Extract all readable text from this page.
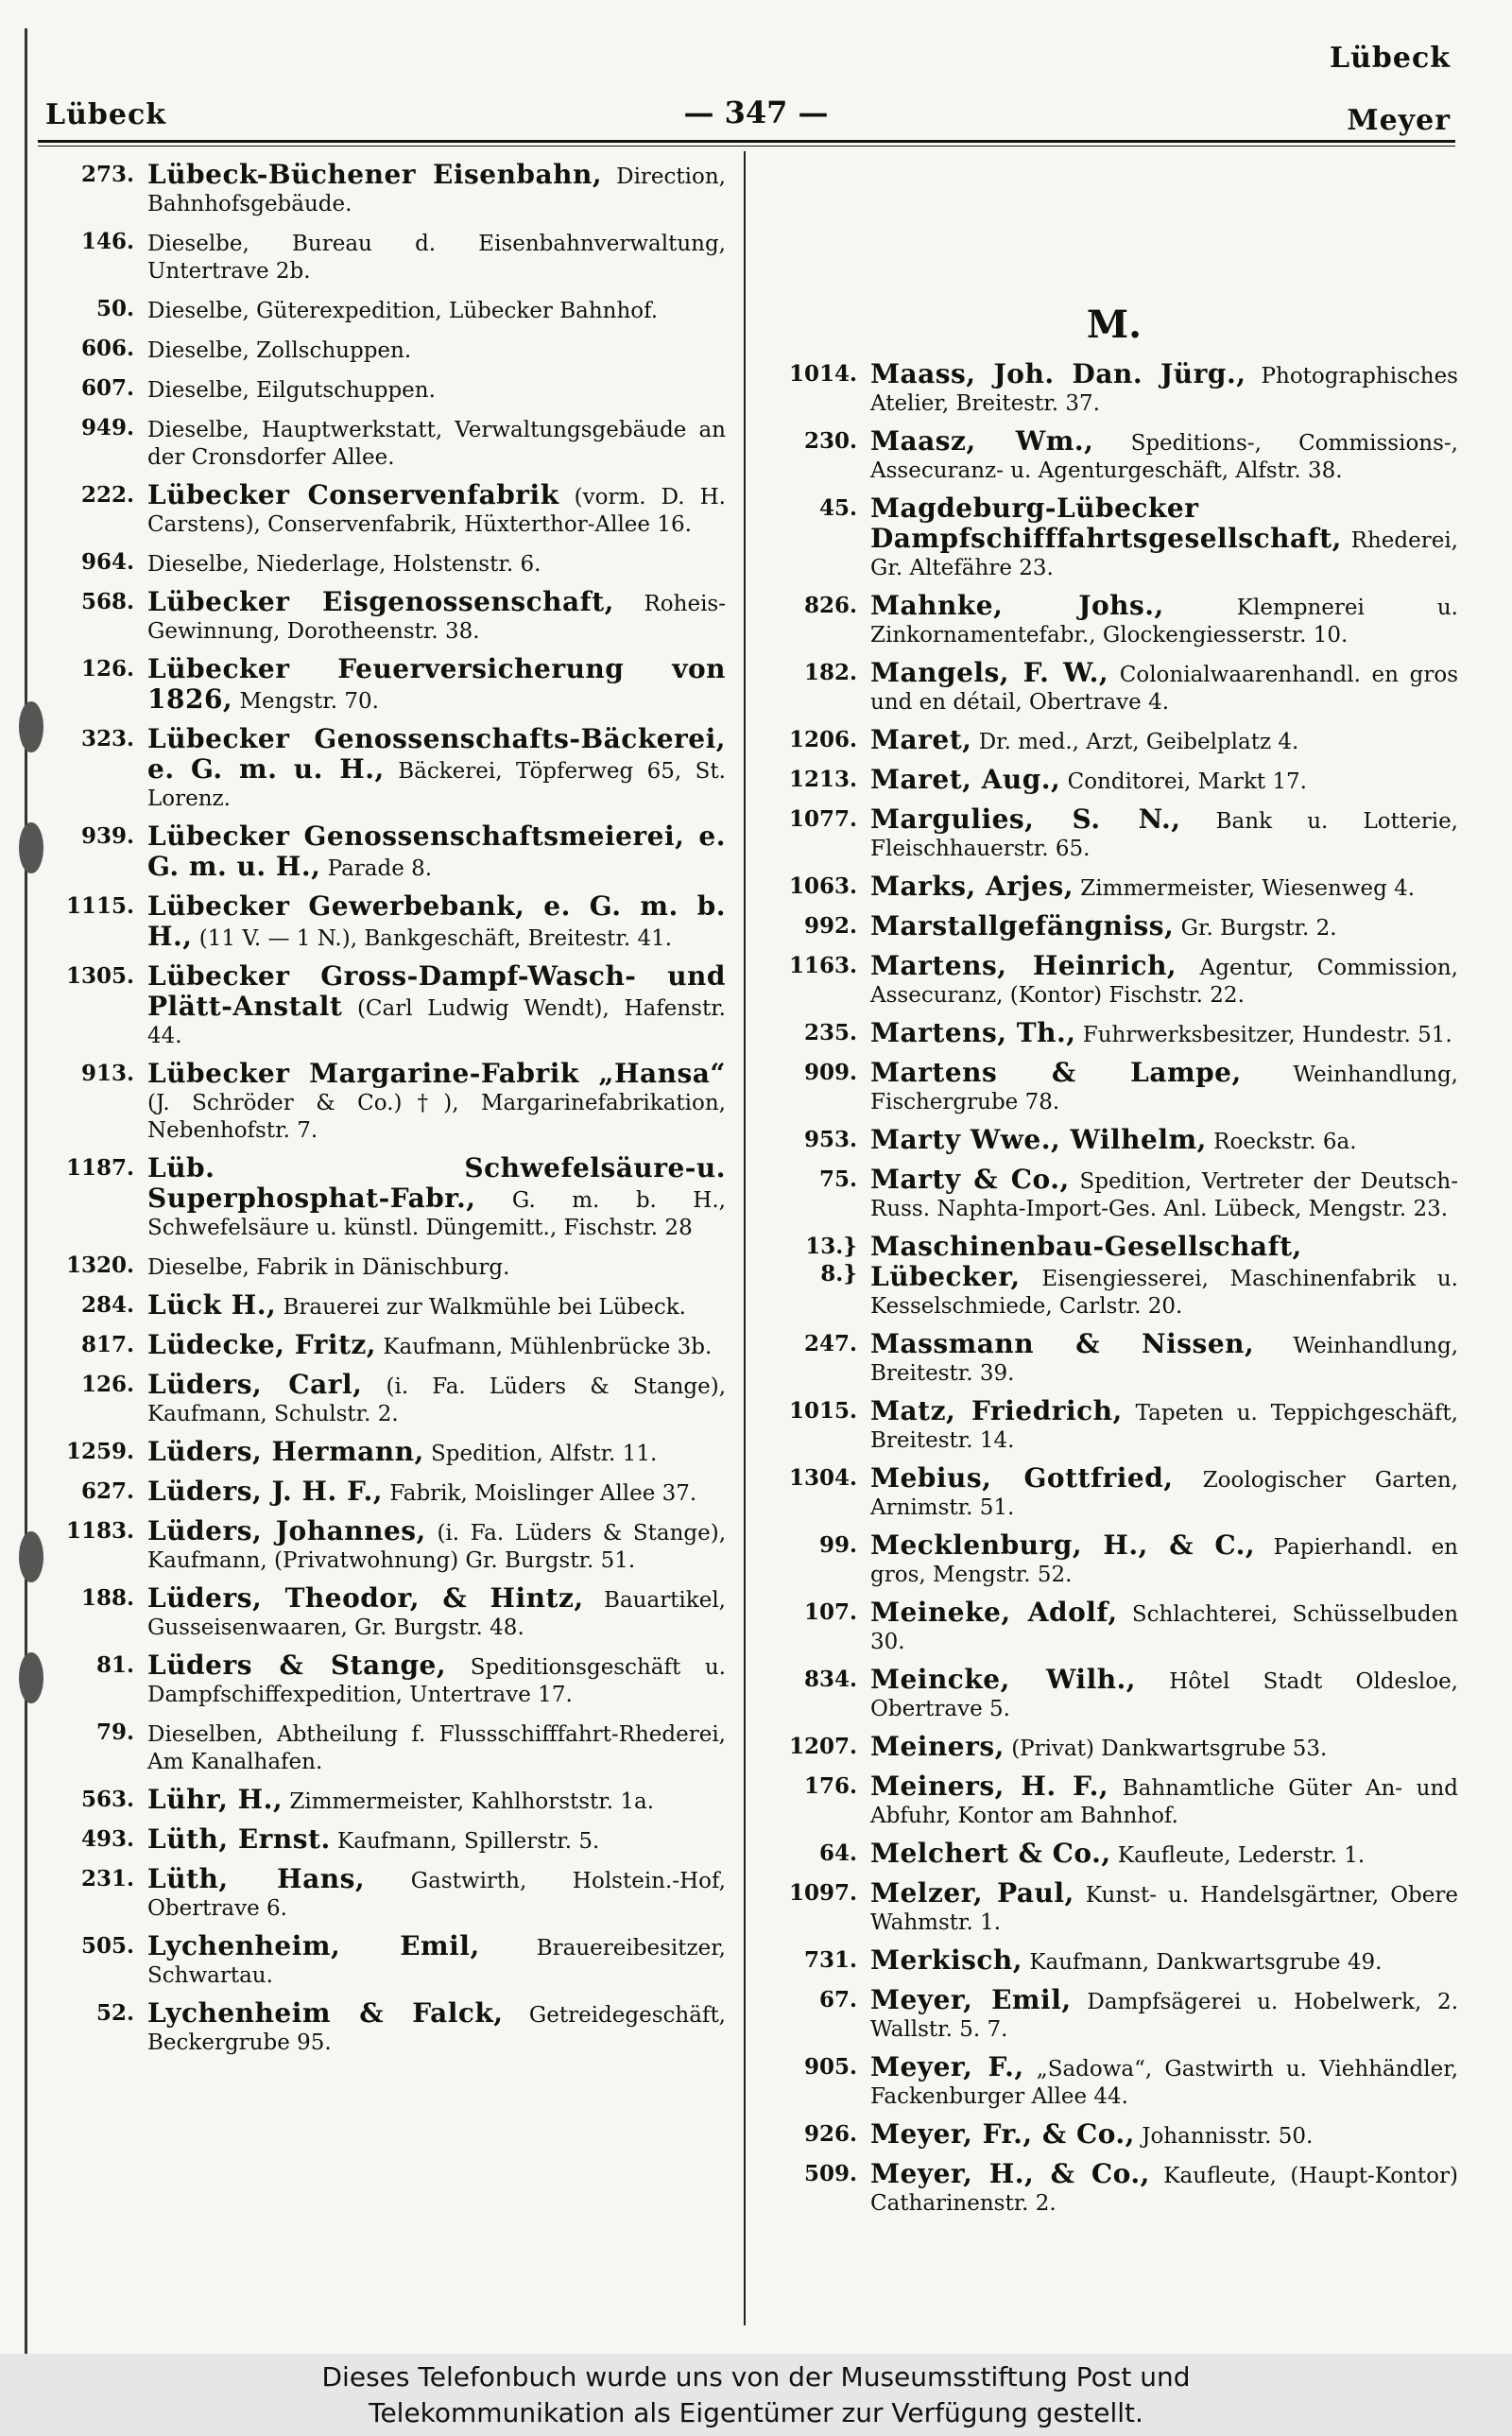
Lübeck
Lübeck	— 347 —	Meyer
273. Lübeck-Büchener Eisenbahn, Direction, Bahnhofsgebäude.
146. Dieselbe, Bureau d. Eisenbahnverwaltung, Untertrave 2b.
50. Dieselbe, Güterexpedition, Lübecker Bahnhof.
606. Dieselbe, Zollschuppen.
607. Dieselbe, Eilgutschuppen.
949. Dieselbe, Hauptwerkstatt, Verwaltungsgebäude an der Cronsdorfer Allee.
222. Lübecker Conservenfabrik (vorm. D. H. Carstens), Conservenfabrik, Hüxterthor-Allee 16.
964. Dieselbe, Niederlage, Holstenstr. 6.
568. Lübecker Eisgenossenschaft, Roheis-Gewinnung, Dorotheenstr. 38.
126. Lübecker Feuerversicherung von 1826, Mengstr. 70.
323. Lübecker Genossenschafts-Bäckerei, e. G. m. u. H., Bäckerei, Töpferweg 65, St. Lorenz.
939. Lübecker Genossenschaftsmeierei, e. G. m. u. H., Parade 8.
1115. Lübecker Gewerbebank, e. G. m. b. H., (11 V. — 1 N.), Bankgeschäft, Breitestr. 41.
1305. Lübecker Gross-Dampf-Wasch- und Plätt-Anstalt (Carl Ludwig Wendt), Hafenstr. 44.
913. Lübecker Margarine-Fabrik „Hansa“ (J. Schröder & Co.)†), Margarinefabrikation, Nebenhofstr. 7.
1187. Lüb. Schwefelsäure-u. Superphosphat-Fabr., G. m. b. H., Schwefelsäure u. künstl. Düngemitt., Fischstr. 28
1320. Dieselbe, Fabrik in Dänischburg.
284. Lück H., Brauerei zur Walkmühle bei Lübeck.
817. Lüdecke, Fritz, Kaufmann, Mühlenbrücke 3b.
126. Lüders, Carl, (i. Fa. Lüders & Stange), Kaufmann, Schulstr. 2.
1259. Lüders, Hermann, Spedition, Alfstr. 11.
627. Lüders, J. H. F., Fabrik, Moislinger Allee 37.
1183. Lüders, Johannes, (i. Fa. Lüders & Stange), Kaufmann, (Privatwohnung) Gr. Burgstr. 51.
188. Lüders, Theodor, & Hintz, Bauartikel, Gusseisenwaaren, Gr. Burgstr. 48.
81. Lüders & Stange, Speditionsgeschäft u. Dampfschiffexpedition, Untertrave 17.
79. Dieselben, Abtheilung f. Flussschifffahrt-Rhederei, Am Kanalhafen.
563. Lühr, H., Zimmermeister, Kahlhorststr. 1a.
493. Lüth, Ernst. Kaufmann, Spillerstr. 5.
231. Lüth, Hans, Gastwirth, Holstein.-Hof, Obertrave 6.
505. Lychenheim, Emil, Brauereibesitzer, Schwartau.
52. Lychenheim & Falck, Getreidegeschäft, Beckergrube 95.
M.
1014. Maass, Joh. Dan. Jürg., Photographisches Atelier, Breitestr. 37.
230. Maasz, Wm., Speditions-, Commissions-, Assecuranz- u. Agenturgeschäft, Alfstr. 38.
45. Magdeburg-Lübecker Dampfschifffahrtsgesellschaft, Rhederei, Gr. Altefähre 23.
826. Mahnke, Johs., Klempnerei u. Zinkornamentefabr., Glockengiesserstr. 10.
182. Mangels, F. W., Colonialwaarenhandl. en gros und en détail, Obertrave 4.
1206. Maret, Dr. med., Arzt, Geibelplatz 4.
1213. Maret, Aug., Conditorei, Markt 17.
1077. Margulies, S. N., Bank u. Lotterie, Fleischhauerstr. 65.
1063. Marks, Arjes, Zimmermeister, Wiesenweg 4.
992. Marstallgefängniss, Gr. Burgstr. 2.
1163. Martens, Heinrich, Agentur, Commission, Assecuranz, (Kontor) Fischstr. 22.
235. Martens, Th., Fuhrwerksbesitzer, Hundestr. 51.
909. Martens & Lampe, Weinhandlung, Fischergrube 78.
953. Marty Wwe., Wilhelm, Roeckstr. 6a.
75. Marty & Co., Spedition, Vertreter der Deutsch-Russ. Naphta-Import-Ges. Anl. Lübeck, Mengstr. 23.
13.} 8.}
Maschinenbau-Gesellschaft, Lübecker, Eisengiesserei, Maschinenfabrik u. Kesselschmiede, Carlstr. 20.
247. Massmann & Nissen, Weinhandlung, Breitestr. 39.
1015. Matz, Friedrich, Tapeten u. Teppichgeschäft, Breitestr. 14.
1304. Mebius, Gottfried, Zoologischer Garten, Arnimstr. 51.
99. Mecklenburg, H., & C., Papierhandl. en gros, Mengstr. 52.
107. Meineke, Adolf, Schlachterei, Schüsselbuden 30.
834. Meincke, Wilh., Hôtel Stadt Oldesloe, Obertrave 5.
1207. Meiners, (Privat) Dankwartsgrube 53.
176. Meiners, H. F., Bahnamtliche Güter An- und Abfuhr, Kontor am Bahnhof.
64. Melchert & Co., Kaufleute, Lederstr. 1.
1097. Melzer, Paul, Kunst- u. Handelsgärtner, Obere Wahmstr. 1.
731. Merkisch, Kaufmann, Dankwartsgrube 49.
67. Meyer, Emil, Dampfsägerei u. Hobelwerk, 2. Wallstr. 5. 7.
905. Meyer, F., „Sadowa“, Gastwirth u. Viehhändler, Fackenburger Allee 44.
926. Meyer, Fr., & Co., Johannisstr. 50.
509. Meyer, H., & Co., Kaufleute, (Haupt-Kontor) Catharinenstr. 2.
Dieses Telefonbuch wurde uns von der Museumsstiftung Post und
Telekommunikation als Eigentümer zur Verfügung gestellt.
